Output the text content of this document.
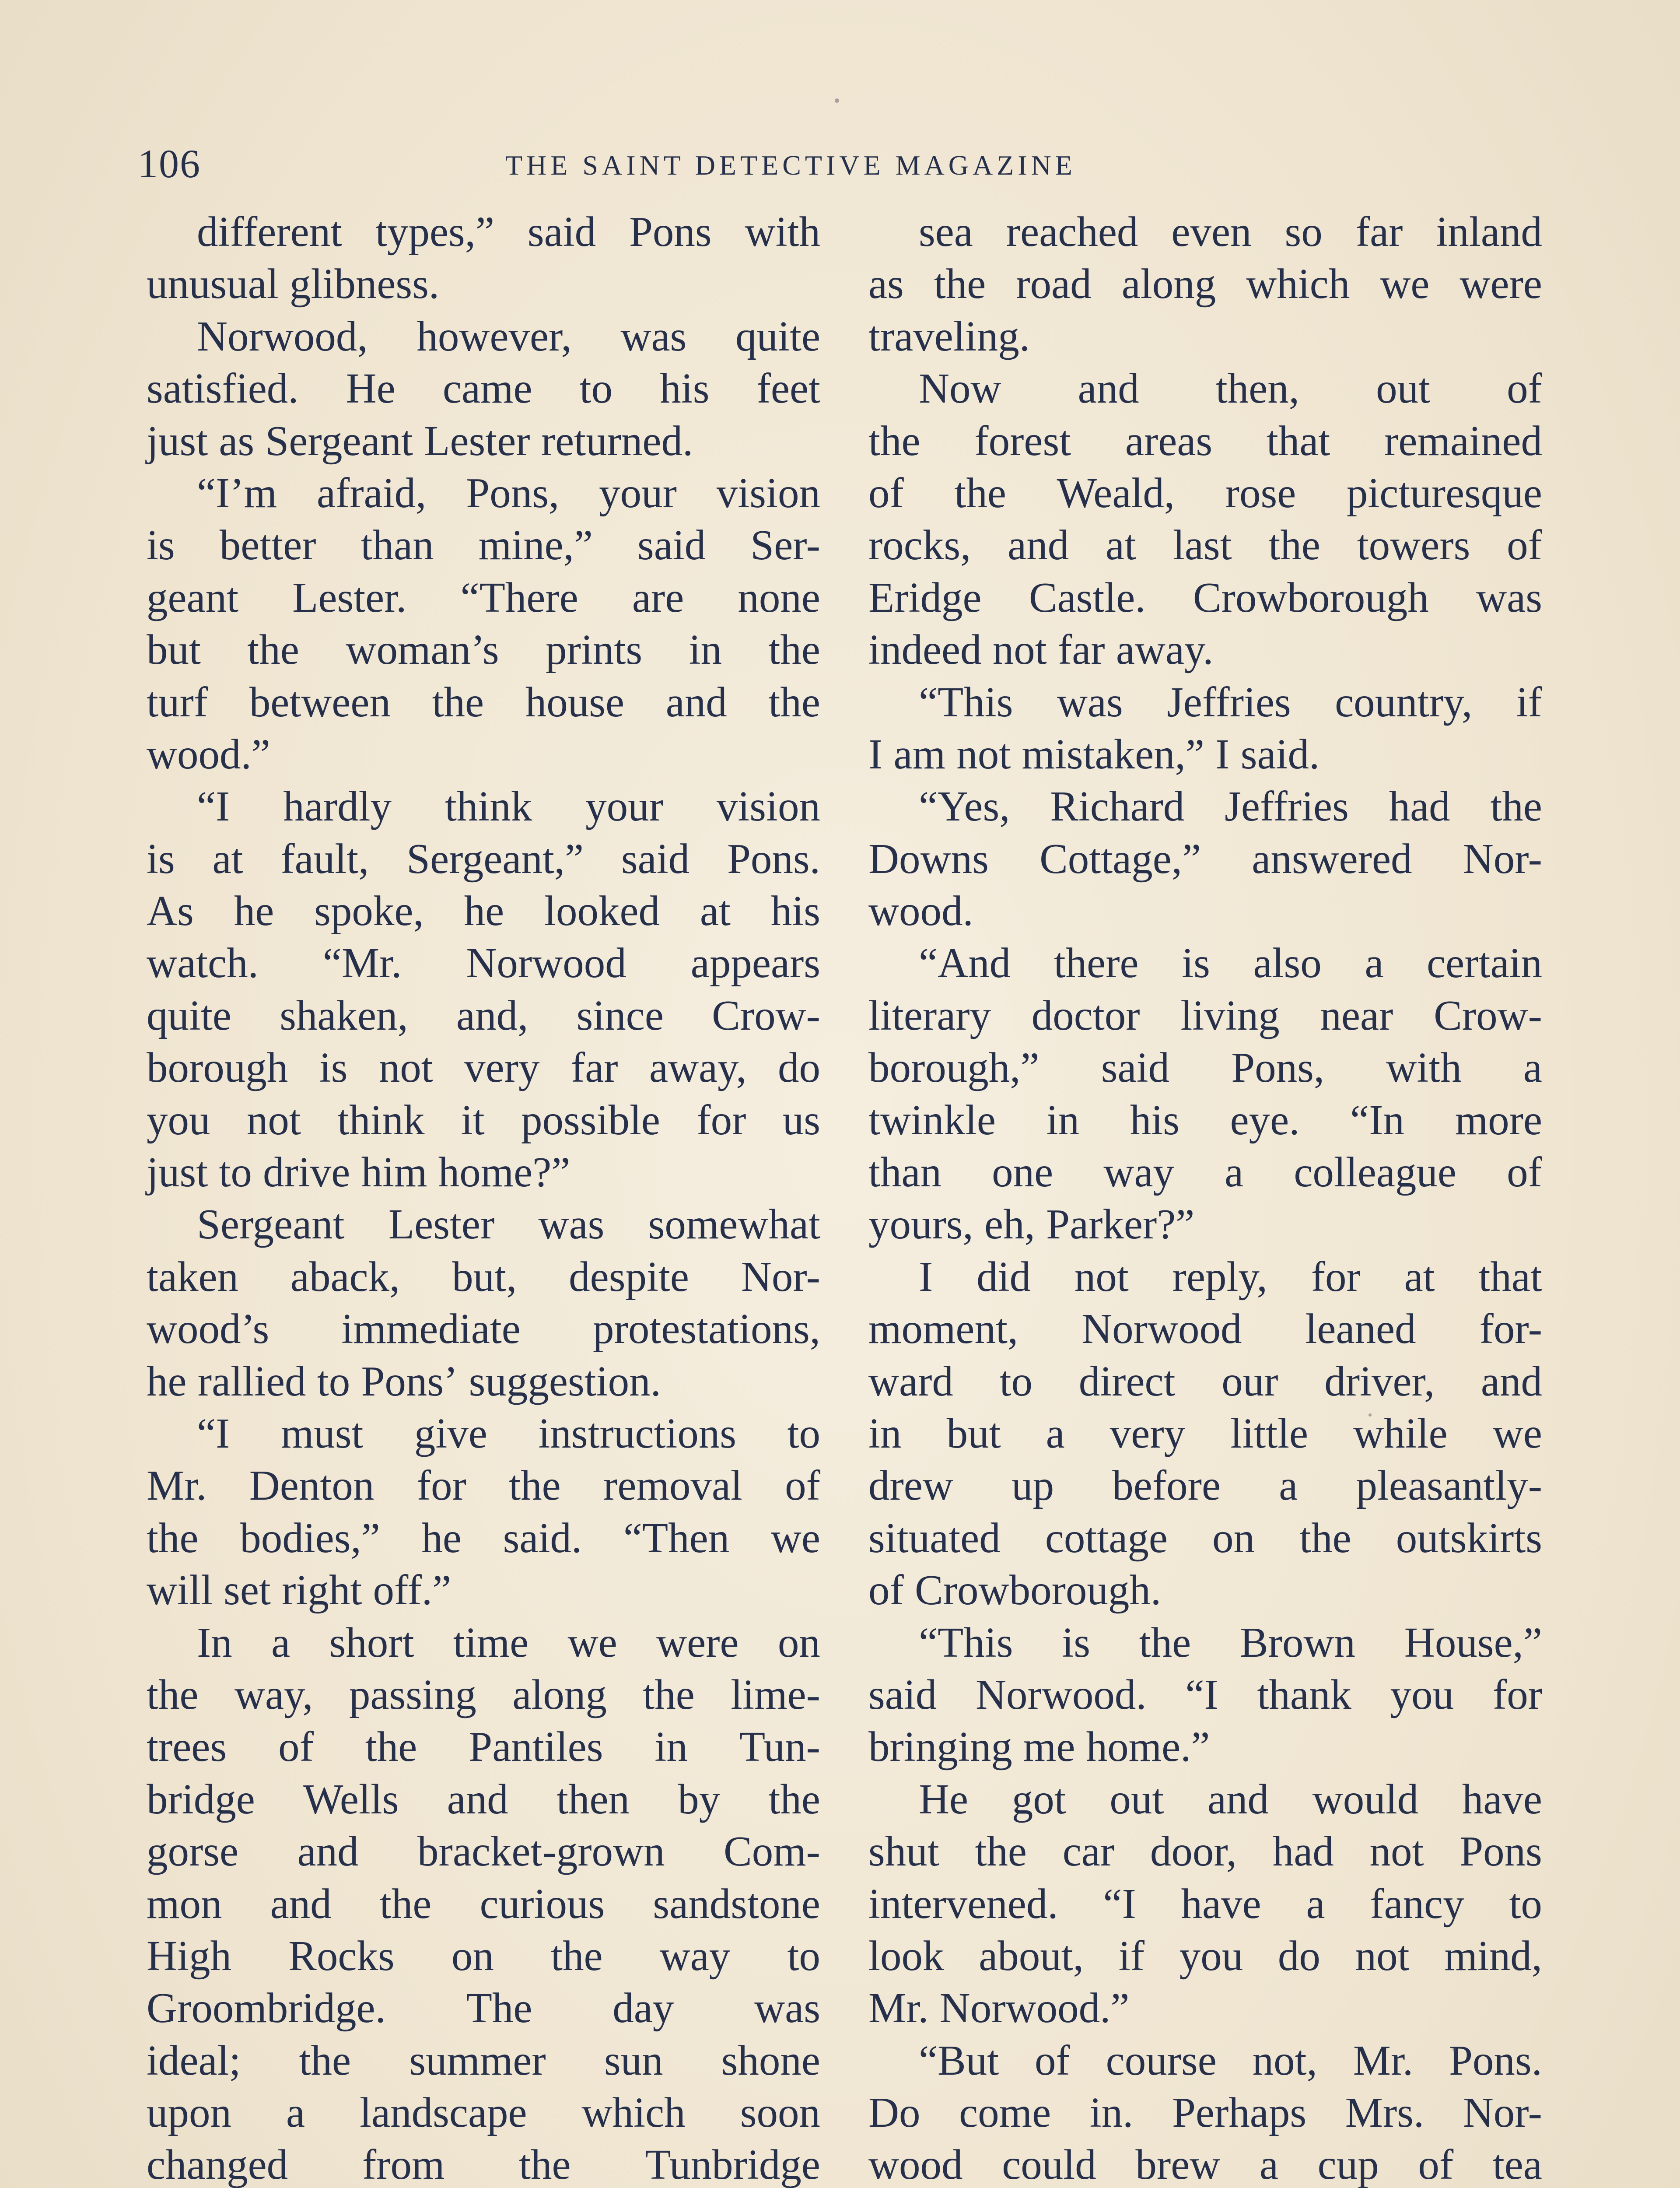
106	THE SAINT DETECTIVE MAGAZINE
different types,” said Pons with
unusual glibness.
Norwood, however, was quite
satisfied. He came to his feet
just as Sergeant Lester returned.
“I’m afraid, Pons, your vision
is better than mine,” said Ser-
geant Lester. “There are none
but the woman’s prints in the
turf between the house and the
wood.”
“I hardly think your vision
is at fault, Sergeant,” said Pons.
As he spoke, he looked at his
watch. “Mr. Norwood appears
quite shaken, and, since Crow-
borough is not very far away, do
you not think it possible for us
just to drive him home?”
Sergeant Lester was somewhat
taken aback, but, despite Nor-
wood’s immediate protestations,
he rallied to Pons’ suggestion.
“I must give instructions to
Mr. Denton for the removal of
the bodies,” he said. “Then we
will set right off.”
In a short time we were on
the way, passing along the lime-
trees of the Pantiles in Tun-
bridge Wells and then by the
gorse and bracket-grown Com-
mon and the curious sandstone
High Rocks on the way to
Groombridge. The day was
ideal; the summer sun shone
upon a landscape which soon
changed from the Tunbridge
sea reached even so far inland
as the road along which we were
traveling.
Now and then, out of
the forest areas that remained
of the Weald, rose picturesque
rocks, and at last the towers of
Eridge Castle. Crowborough was
indeed not far away.
“This was Jeffries country, if
I am not mistaken,” I said.
“Yes, Richard Jeffries had the
Downs Cottage,” answered Nor-
wood.
“And there is also a certain
literary doctor living near Crow-
borough,” said Pons, with a
twinkle in his eye. “In more
than one way a colleague of
yours, eh, Parker?”
I did not reply, for at that
moment, Norwood leaned for-
ward to direct our driver, and
in but a very little while we
drew up before a pleasantly-
situated cottage on the outskirts
of Crowborough.
“This is the Brown House,”
said Norwood. “I thank you for
bringing me home.”
He got out and would have
shut the car door, had not Pons
intervened. “I have a fancy to
look about, if you do not mind,
Mr. Norwood.”
“But of course not, Mr. Pons.
Do come in. Perhaps Mrs. Nor-
wood could brew a cup of tea
